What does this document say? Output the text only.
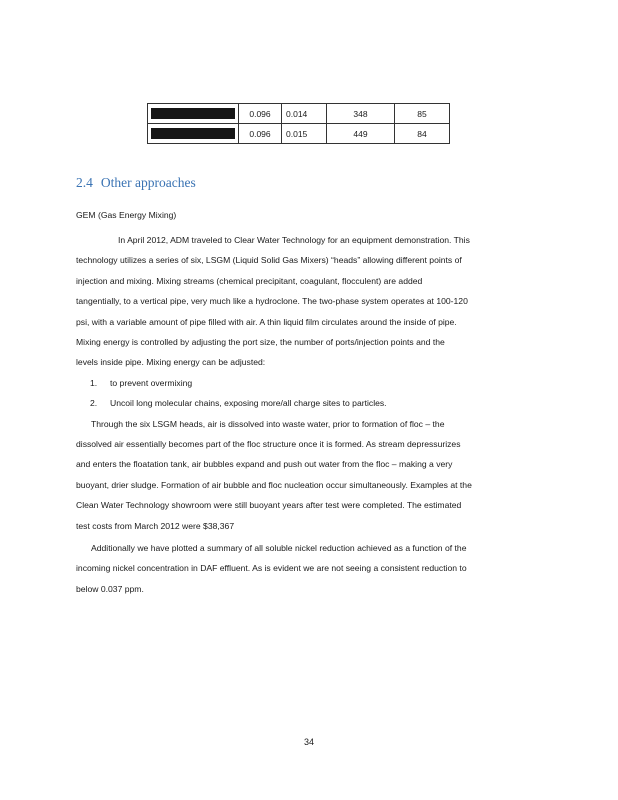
	0.096	0.014	348	85

	0.096	0.015	449	84
2.4 Other approaches
GEM (Gas Energy Mixing)
In April 2012, ADM traveled to Clear Water Technology for an equipment demonstration. This
technology utilizes a series of six, LSGM (Liquid Solid Gas Mixers) “heads” allowing different points of
injection and mixing. Mixing streams (chemical precipitant, coagulant, flocculent) are added
tangentially, to a vertical pipe, very much like a hydroclone. The two-phase system operates at 100-120
psi, with a variable amount of pipe filled with air. A thin liquid film circulates around the inside of pipe.
Mixing energy is controlled by adjusting the port size, the number of ports/injection points and the
levels inside pipe. Mixing energy can be adjusted:
1. to prevent overmixing
2. Uncoil long molecular chains, exposing more/all charge sites to particles.
Through the six LSGM heads, air is dissolved into waste water, prior to formation of floc – the
dissolved air essentially becomes part of the floc structure once it is formed. As stream depressurizes
and enters the floatation tank, air bubbles expand and push out water from the floc – making a very
buoyant, drier sludge. Formation of air bubble and floc nucleation occur simultaneously. Examples at the
Clean Water Technology showroom were still buoyant years after test were completed. The estimated
test costs from March 2012 were $38,367
Additionally we have plotted a summary of all soluble nickel reduction achieved as a function of the
incoming nickel concentration in DAF effluent. As is evident we are not seeing a consistent reduction to
below 0.037 ppm.
34
